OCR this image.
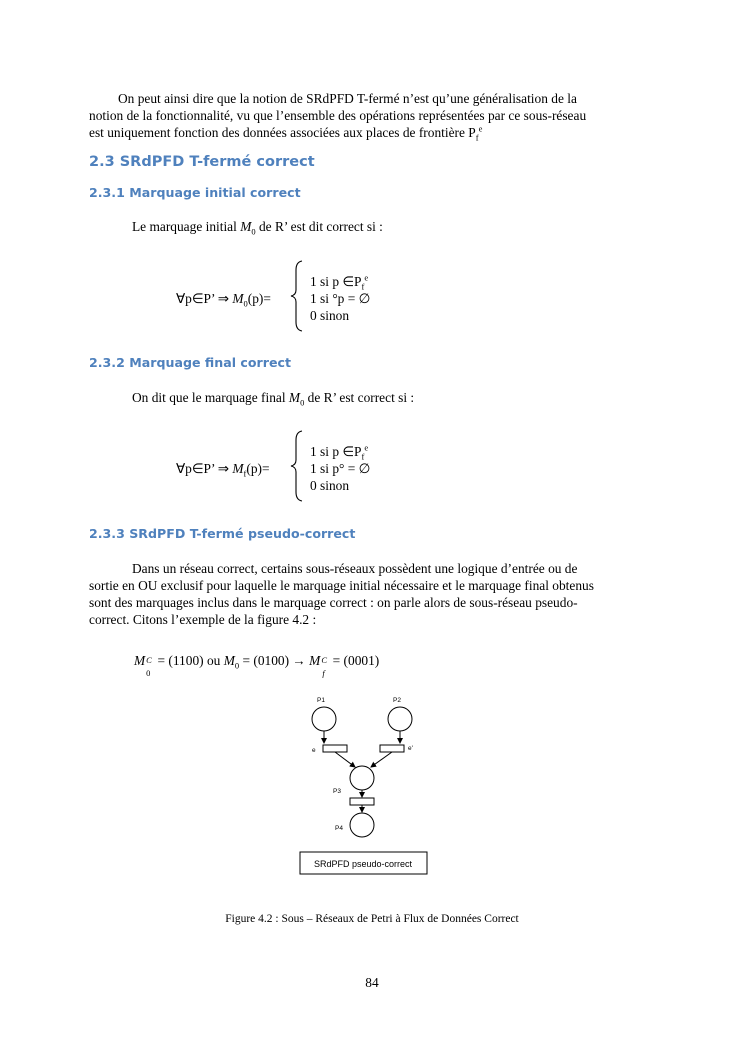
On peut ainsi dire que la notion de SRdPFD T-fermé n’est qu’une généralisation de la
notion de la fonctionnalité, vu que l’ensemble des opérations représentées par ce sous-réseau
est uniquement fonction des données associées aux places de frontière $P_f^e$
2.3 SRdPFD T-fermé correct
2.3.1 Marquage initial correct
Le marquage initial $M_0$ de R’ est dit correct si :
∀p∈P’ ⇒ $M_0(p)=$
1 si p $\in P_f^e$
1 si °p = ∅
0 sinon
2.3.2 Marquage final correct
On dit que le marquage final $M_0$ de R’ est correct si :
∀p∈P’ ⇒ $M_f(p)=$
1 si p $\in P_f^e$
1 si p° = ∅
0 sinon
2.3.3 SRdPFD T-fermé pseudo-correct
Dans un réseau correct, certains sous-réseaux possèdent une logique d’entrée ou de
sortie en OU exclusif pour laquelle le marquage initial nécessaire et le marquage final obtenus
sont des marquages inclus dans le marquage correct : on parle alors de sous-réseau pseudo-
correct. Citons l’exemple de la figure 4.2 :
M C
0
= (1100) ou $M_0 = (0100) \to M$ C
f
= (0001)
P1	P2
e	e'
P3
P4
SRdPFD pseudo-correct
Figure 4.2 : Sous – Réseaux de Petri à Flux de Données Correct
84
